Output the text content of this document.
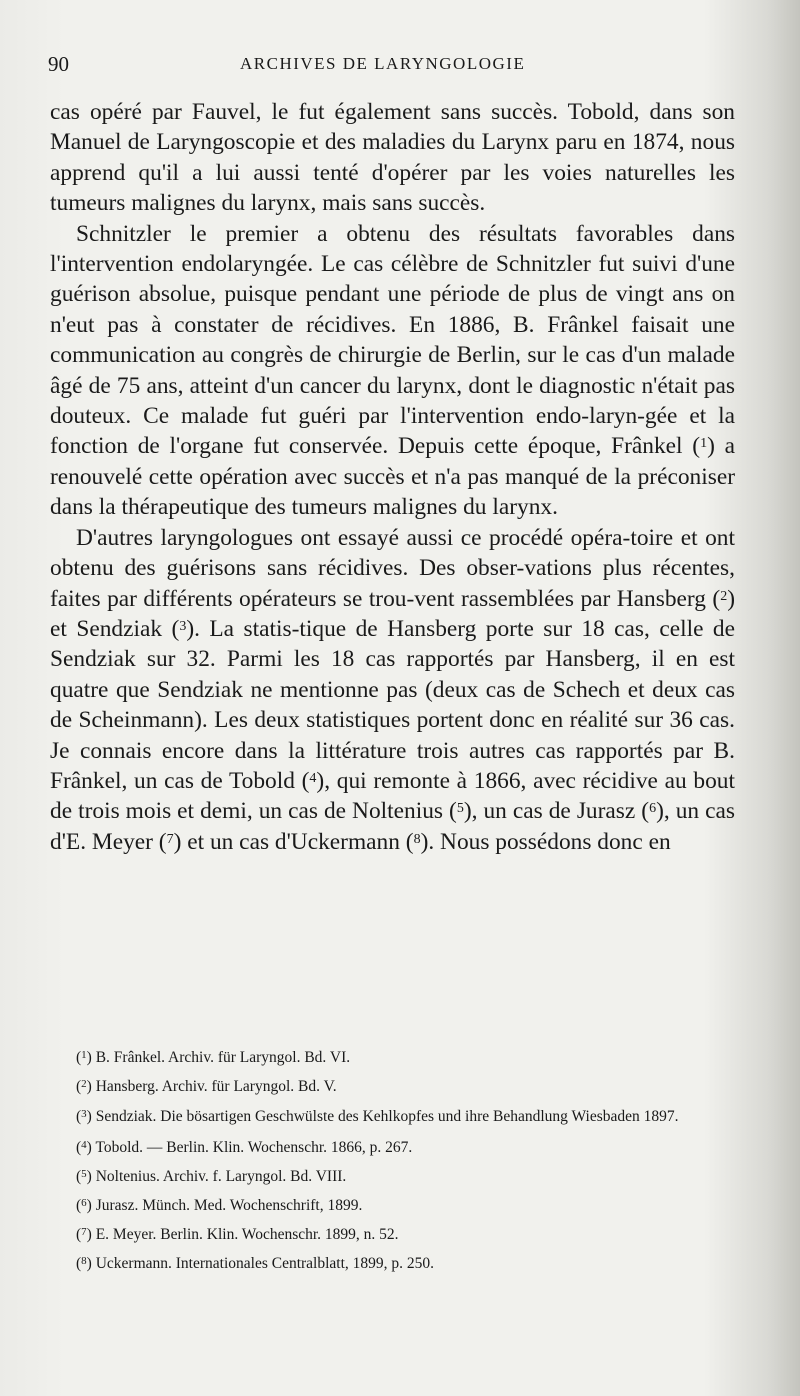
90	ARCHIVES DE LARYNGOLOGIE

cas opéré par Fauvel, le fut également sans succès. Tobold, dans son Manuel de Laryngoscopie et des maladies du Larynx paru en 1874, nous apprend qu'il a lui aussi tenté d'opérer par les voies naturelles les tumeurs malignes du larynx, mais sans succès.

Schnitzler le premier a obtenu des résultats favorables dans l'intervention endolaryngée. Le cas célèbre de Schnitzler fut suivi d'une guérison absolue, puisque pendant une période de plus de vingt ans on n'eut pas à constater de récidives. En 1886, B. Frânkel faisait une communication au congrès de chirurgie de Berlin, sur le cas d'un malade âgé de 75 ans, atteint d'un cancer du larynx, dont le diagnostic n'était pas douteux. Ce malade fut guéri par l'intervention endo-laryn-gée et la fonction de l'organe fut conservée. Depuis cette époque, Frânkel ($^1$) a renouvelé cette opération avec succès et n'a pas manqué de la préconiser dans la thérapeutique des tumeurs malignes du larynx.

D'autres laryngologues ont essayé aussi ce procédé opéra-toire et ont obtenu des guérisons sans récidives. Des obser-vations plus récentes, faites par différents opérateurs se trou-vent rassemblées par Hansberg ($^2$) et Sendziak ($^3$). La statis-tique de Hansberg porte sur 18 cas, celle de Sendziak sur 32. Parmi les 18 cas rapportés par Hansberg, il en est quatre que Sendziak ne mentionne pas (deux cas de Schech et deux cas de Scheinmann). Les deux statistiques portent donc en réalité sur 36 cas. Je connais encore dans la littérature trois autres cas rapportés par B. Frânkel, un cas de Tobold ($^4$), qui remonte à 1866, avec récidive au bout de trois mois et demi, un cas de Noltenius ($^5$), un cas de Jurasz ($^6$), un cas d'E. Meyer ($^7$) et un cas d'Uckermann ($^8$). Nous possédons donc en

($^1$) B. Frânkel. Archiv. für Laryngol. Bd. VI.
($^2$) Hansberg. Archiv. für Laryngol. Bd. V.
($^3$) Sendziak. Die bösartigen Geschwülste des Kehlkopfes und ihre Behandlung Wiesbaden 1897.
($^4$) Tobold. — Berlin. Klin. Wochenschr. 1866, p. 267.
($^5$) Noltenius. Archiv. f. Laryngol. Bd. VIII.
($^6$) Jurasz. Münch. Med. Wochenschrift, 1899.
($^7$) E. Meyer. Berlin. Klin. Wochenschr. 1899, n. 52.
($^8$) Uckermann. Internationales Centralblatt, 1899, p. 250.
